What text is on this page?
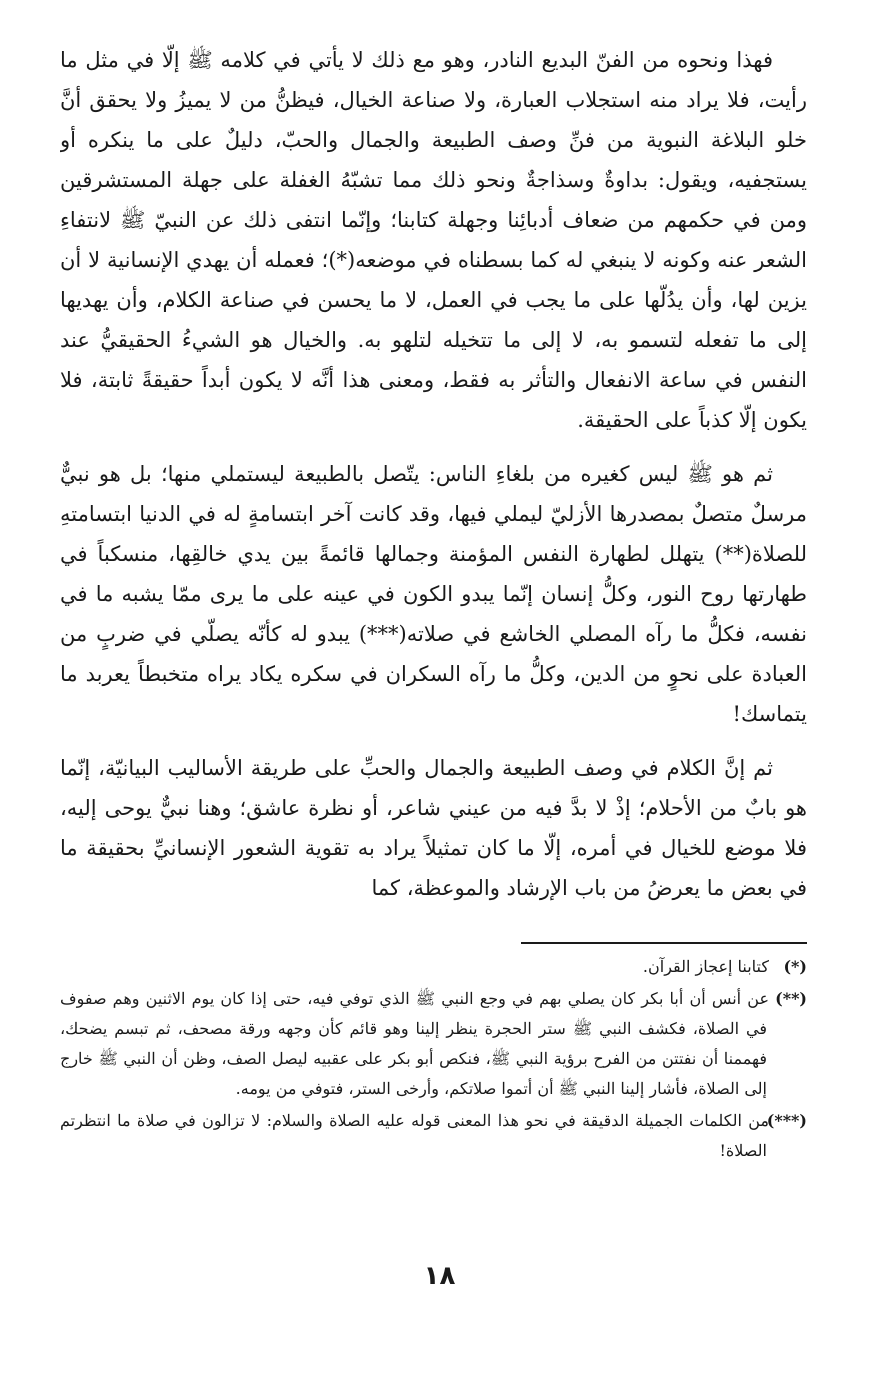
فهذا ونحوه من الفنّ البديع النادر، وهو مع ذلك لا يأتي في كلامه ﷺ إلّا في مثل ما رأيت، فلا يراد منه استجلاب العبارة، ولا صناعة الخيال، فيظنُّ من لا يميزُ ولا يحقق أنَّ خلو البلاغة النبوية من فنِّ وصف الطبيعة والجمال والحبّ، دليلٌ على ما ينكره أو يستجفيه، ويقول: بداوةٌ وسذاجةٌ ونحو ذلك مما تشبّهُ الغفلة على جهلة المستشرقين ومن في حكمهم من ضعاف أدبائِنا وجهلة كتابنا؛ وإنّما انتفى ذلك عن النبيّ ﷺ لانتفاءِ الشعر عنه وكونه لا ينبغي له كما بسطناه في موضعه(*)؛ فعمله أن يهدي الإنسانية لا أن يزين لها، وأن يدُلّها على ما يجب في العمل، لا ما يحسن في صناعة الكلام، وأن يهديها إلى ما تفعله لتسمو به، لا إلى ما تتخيله لتلهو به. والخيال هو الشيءُ الحقيقيُّ عند النفس في ساعة الانفعال والتأثر به فقط، ومعنى هذا أنَّه لا يكون أبداً حقيقةً ثابتة، فلا يكون إلّا كذباً على الحقيقة.

ثم هو ﷺ ليس كغيره من بلغاءِ الناس: يتّصل بالطبيعة ليستملي منها؛ بل هو نبيٌّ مرسلٌ متصلٌ بمصدرها الأزليّ ليملي فيها، وقد كانت آخر ابتسامةٍ له في الدنيا ابتسامتهِ للصلاة(**) يتهلل لطهارة النفس المؤمنة وجمالها قائمةً بين يدي خالقِها، منسكباً في طهارتها روح النور، وكلُّ إنسان إنّما يبدو الكون في عينه على ما يرى ممّا يشبه ما في نفسه، فكلُّ ما رآه المصلي الخاشع في صلاته(***) يبدو له كأنّه يصلّي في ضربٍ من العبادة على نحوٍ من الدين، وكلُّ ما رآه السكران في سكره يكاد يراه متخبطاً يعربد ما يتماسك!

ثم إنَّ الكلام في وصف الطبيعة والجمال والحبِّ على طريقة الأساليب البيانيّة، إنّما هو بابٌ من الأحلام؛ إذْ لا بدَّ فيه من عيني شاعر، أو نظرة عاشق؛ وهنا نبيٌّ يوحى إليه، فلا موضع للخيال في أمره، إلّا ما كان تمثيلاً يراد به تقوية الشعور الإنسانيِّ بحقيقة ما في بعض ما يعرضُ من باب الإرشاد والموعظة، كما

(*)كتابنا إعجاز القرآن.

(**)عن أنس أن أبا بكر كان يصلي بهم في وجع النبي ﷺ الذي توفي فيه، حتى إذا كان يوم الاثنين وهم صفوف في الصلاة، فكشف النبي ﷺ ستر الحجرة ينظر إلينا وهو قائم كأن وجهه ورقة مصحف، ثم تبسم يضحك، فهممنا أن نفتتن من الفرح برؤية النبي ﷺ، فنكص أبو بكر على عقبيه ليصل الصف، وظن أن النبي ﷺ خارج إلى الصلاة، فأشار إلينا النبي ﷺ أن أتموا صلاتكم، وأرخى الستر، فتوفي من يومه.

(***)من الكلمات الجميلة الدقيقة في نحو هذا المعنى قوله عليه الصلاة والسلام: لا تزالون في صلاة ما انتظرتم الصلاة!

١٨
